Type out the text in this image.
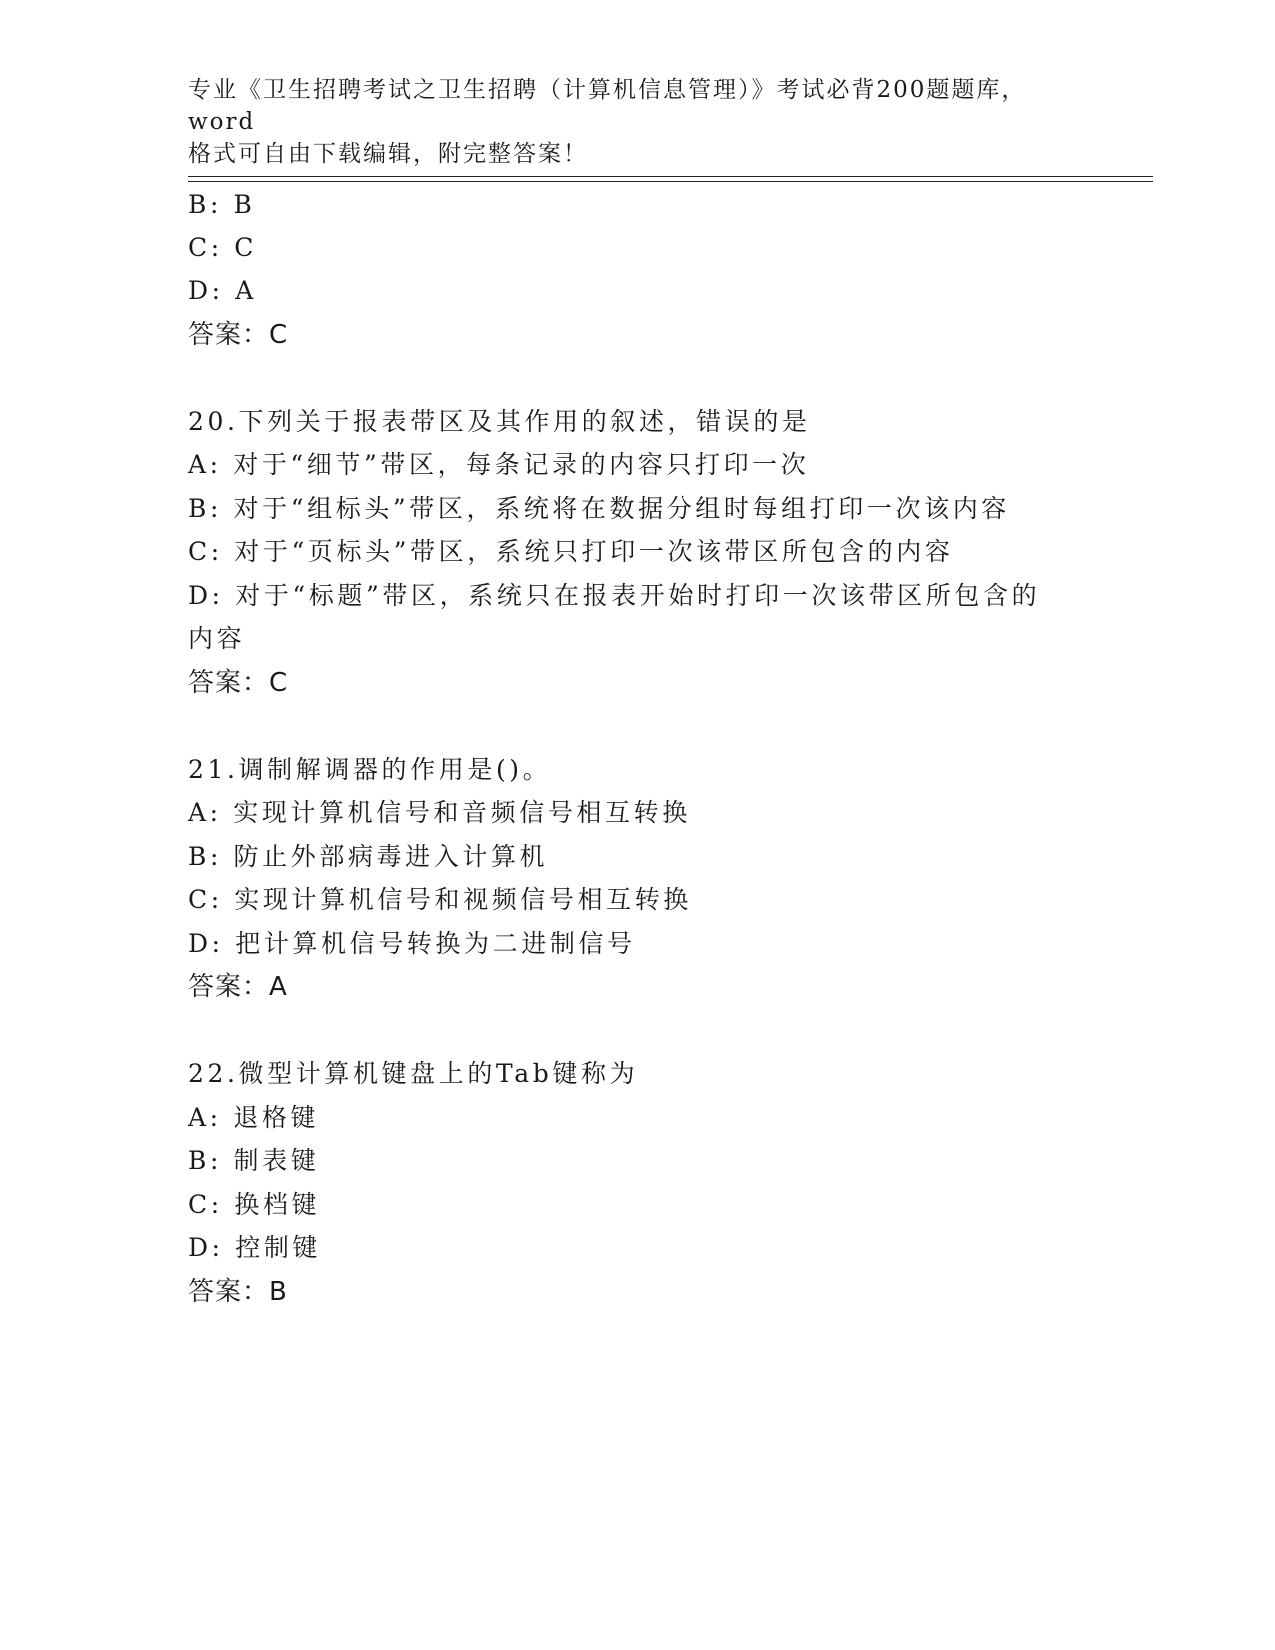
专业《卫生招聘考试之卫生招聘（计算机信息管理）》考试必背200题题库，word
格式可自由下载编辑，附完整答案！
B: B
C: C
D: A
答案：C
20.下列关于报表带区及其作用的叙述，错误的是
A: 对于“细节”带区，每条记录的内容只打印一次
B: 对于“组标头”带区，系统将在数据分组时每组打印一次该内容
C: 对于“页标头”带区，系统只打印一次该带区所包含的内容
D: 对于“标题”带区，系统只在报表开始时打印一次该带区所包含的
内容
答案：C
21.调制解调器的作用是()。
A: 实现计算机信号和音频信号相互转换
B: 防止外部病毒进入计算机
C: 实现计算机信号和视频信号相互转换
D: 把计算机信号转换为二进制信号
答案：A
22.微型计算机键盘上的Tab键称为
A: 退格键
B: 制表键
C: 换档键
D: 控制键
答案：B
